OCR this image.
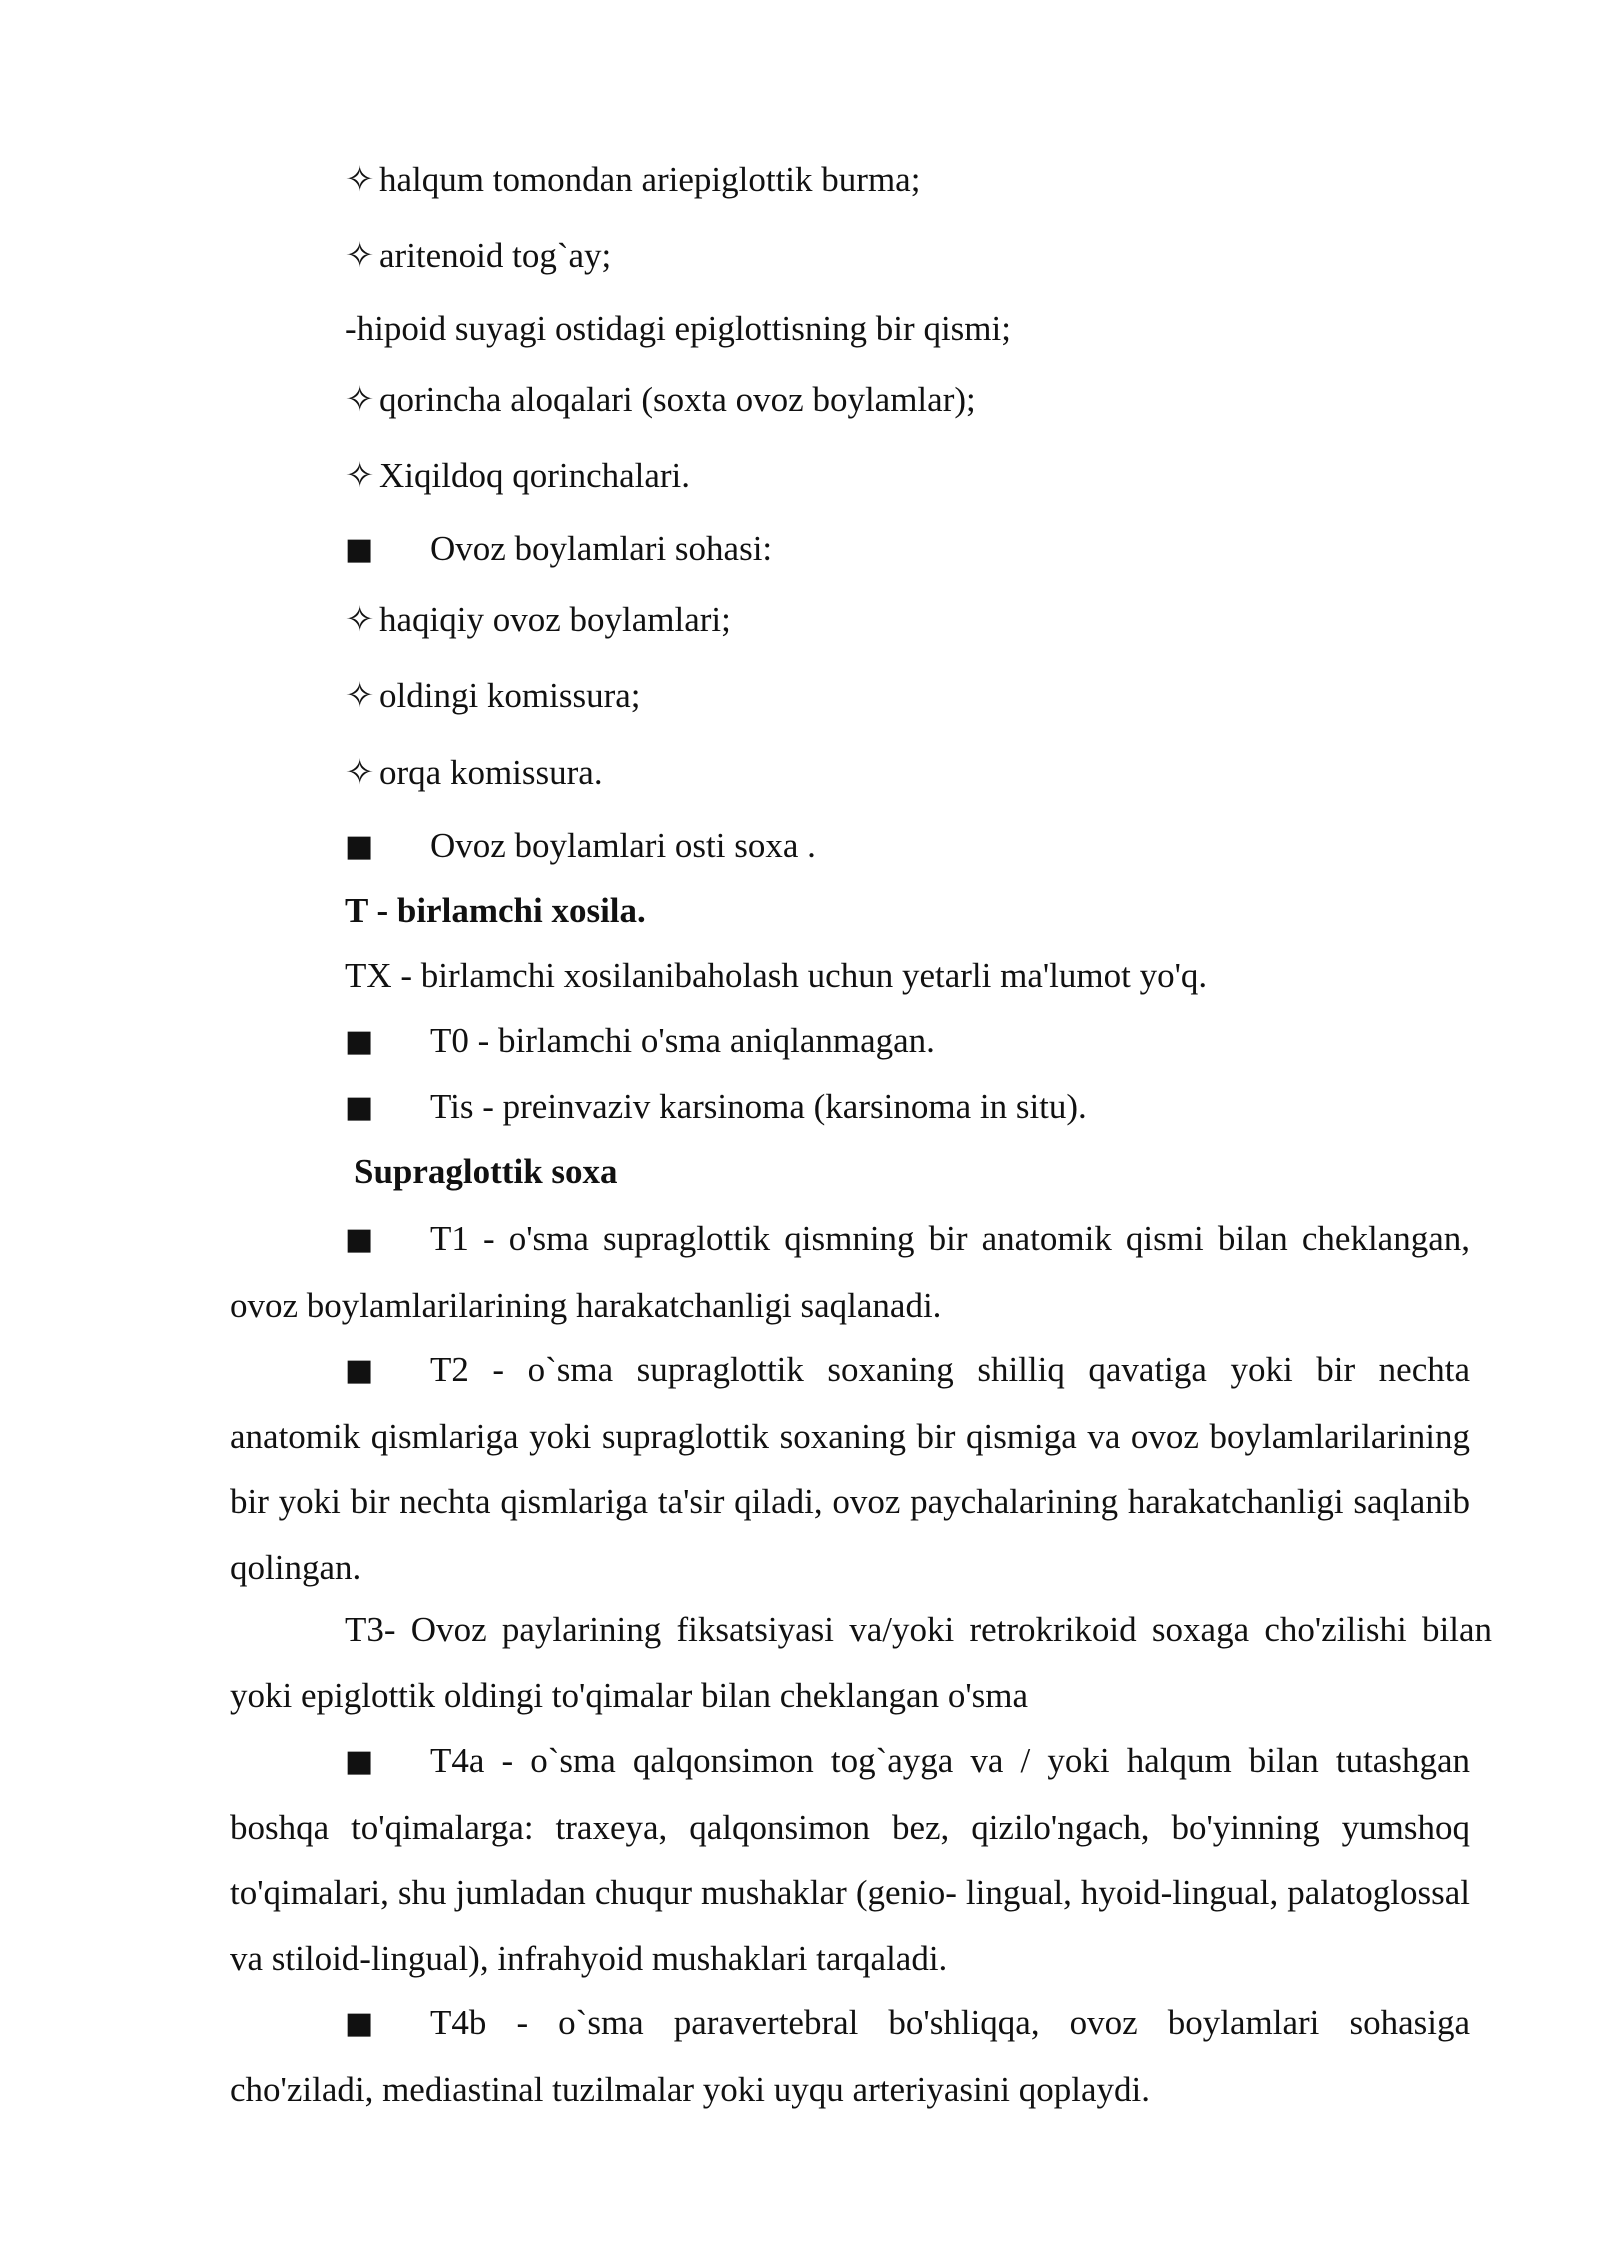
✧ halqum tomondan ariepiglottik burma;

✧ aritenoid tog`ay;

-hipoid suyagi ostidagi epiglottisning bir qismi;

✧ qorincha aloqalari (soxta ovoz boylamlar);

✧ Xiqildoq qorinchalari.

■ Ovoz boylamlari sohasi:

✧ haqiqiy ovoz boylamlari;

✧ oldingi komissura;

✧ orqa komissura.

■ Ovoz boylamlari osti soxa .

T - birlamchi xosila.

TX - birlamchi xosilanibaholash uchun yetarli ma'lumot yo'q.

■ T0 - birlamchi o'sma aniqlanmagan.

■ Tis - preinvaziv karsinoma (karsinoma in situ).

Supraglottik soxa

■ T1 - o'sma supraglottik qismning bir anatomik qismi bilan cheklangan, ovoz boylamlarilarining harakatchanligi saqlanadi.

■ T2 - o`sma supraglottik soxaning shilliq qavatiga yoki bir nechta anatomik qismlariga yoki supraglottik soxaning bir qismiga va ovoz boylamlarilarining bir yoki bir nechta qismlariga ta'sir qiladi, ovoz paychalarining harakatchanligi saqlanib qolingan.

T3- Ovoz paylarining fiksatsiyasi va/yoki retrokrikoid soxaga cho'zilishi bilan yoki epiglottik oldingi to'qimalar bilan cheklangan o'sma

■ T4a - o`sma qalqonsimon tog`ayga va / yoki halqum bilan tutashgan boshqa to'qimalarga: traxeya, qalqonsimon bez, qizilo'ngach, bo'yinning yumshoq to'qimalari, shu jumladan chuqur mushaklar (genio- lingual, hyoid-lingual, palatoglossal va stiloid-lingual), infrahyoid mushaklari tarqaladi.

■ T4b - o`sma paravertebral bo'shliqqa, ovoz boylamlari sohasiga cho'ziladi, mediastinal tuzilmalar yoki uyqu arteriyasini qoplaydi.
